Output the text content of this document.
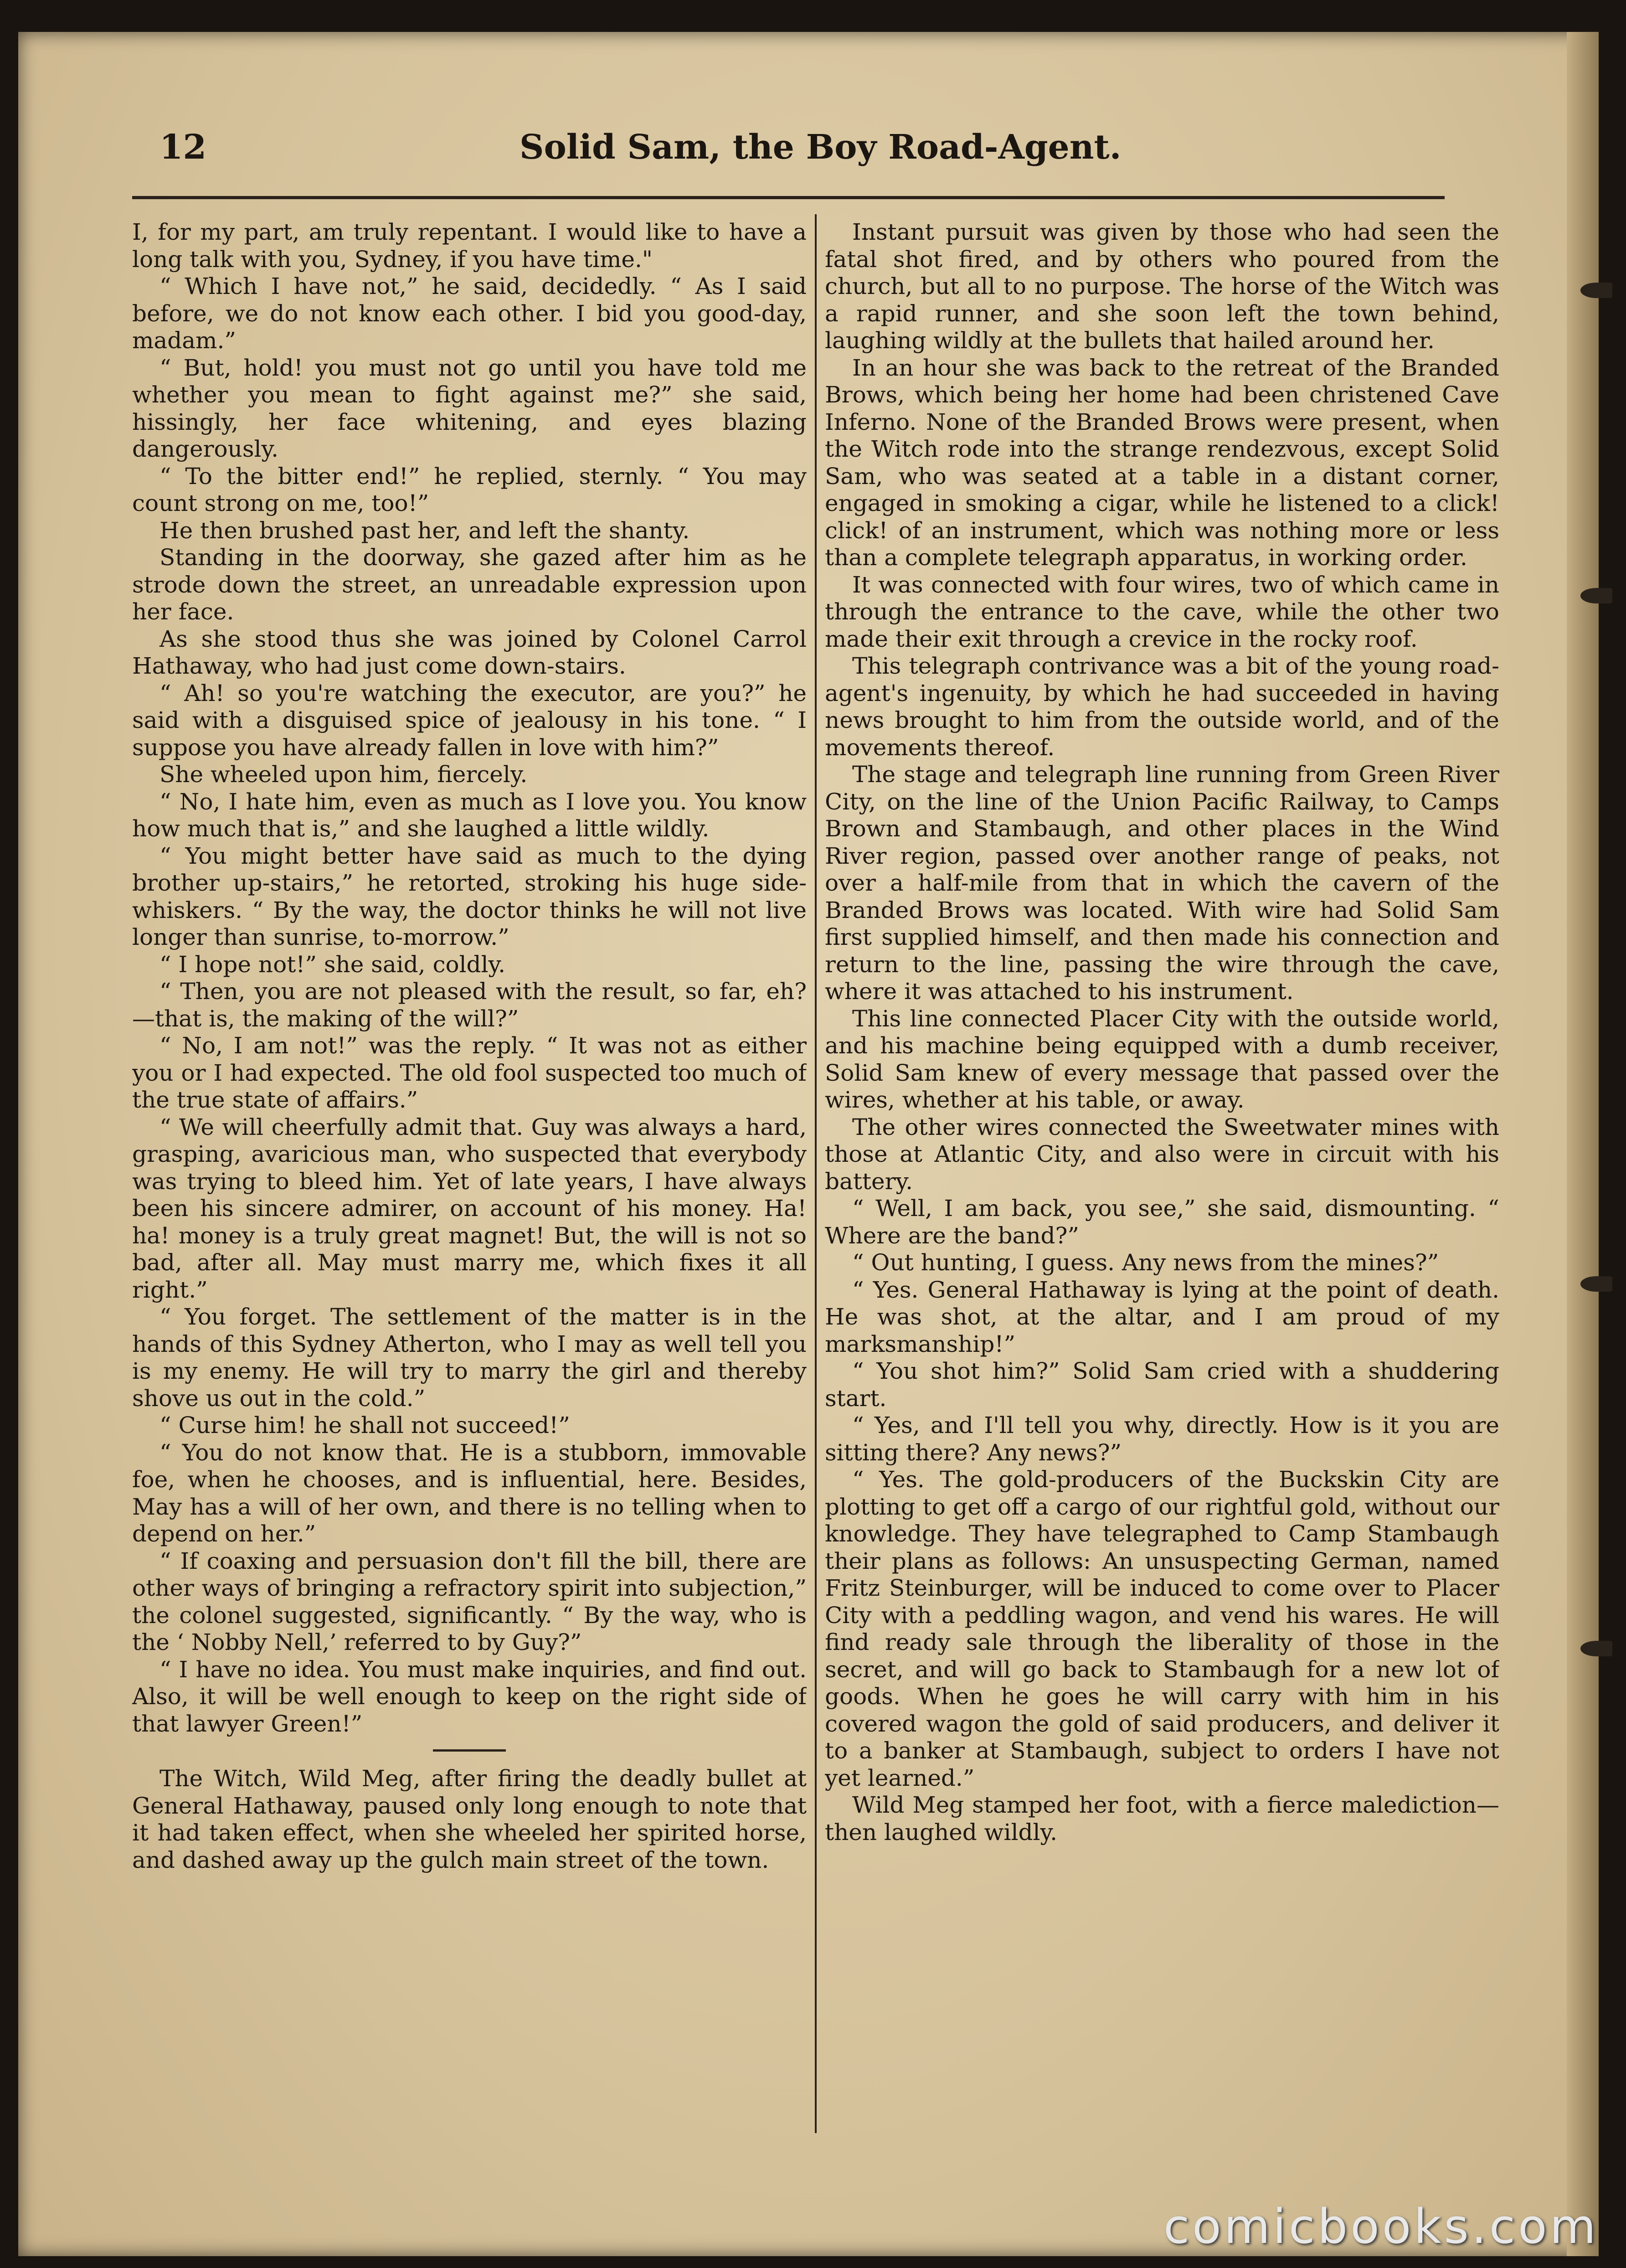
12	Solid Sam, the Boy Road-Agent.

I, for my part, am truly repentant. I would like to have a long talk with you, Sydney, if you have time."

“ Which I have not,” he said, decidedly. “ As I said before, we do not know each other. I bid you good-day, madam.”

“ But, hold! you must not go until you have told me whether you mean to fight against me?” she said, hissingly, her face whitening, and eyes blazing dangerously.

“ To the bitter end!” he replied, sternly. “ You may count strong on me, too!”

He then brushed past her, and left the shanty.

Standing in the doorway, she gazed after him as he strode down the street, an unreadable expression upon her face.

As she stood thus she was joined by Colonel Carrol Hathaway, who had just come down-stairs.

“ Ah! so you're watching the executor, are you?” he said with a disguised spice of jealousy in his tone. “ I suppose you have already fallen in love with him?”

She wheeled upon him, fiercely.

“ No, I hate him, even as much as I love you. You know how much that is,” and she laughed a little wildly.

“ You might better have said as much to the dying brother up-stairs,” he retorted, stroking his huge side-whiskers. “ By the way, the doctor thinks he will not live longer than sunrise, to-morrow.”

“ I hope not!” she said, coldly.

“ Then, you are not pleased with the result, so far, eh?—that is, the making of the will?”

“ No, I am not!” was the reply. “ It was not as either you or I had expected. The old fool suspected too much of the true state of affairs.”

“ We will cheerfully admit that. Guy was always a hard, grasping, avaricious man, who suspected that everybody was trying to bleed him. Yet of late years, I have always been his sincere admirer, on account of his money. Ha! ha! money is a truly great magnet! But, the will is not so bad, after all. May must marry me, which fixes it all right.”

“ You forget. The settlement of the matter is in the hands of this Sydney Atherton, who I may as well tell you is my enemy. He will try to marry the girl and thereby shove us out in the cold.”

“ Curse him! he shall not succeed!”

“ You do not know that. He is a stubborn, immovable foe, when he chooses, and is influential, here. Besides, May has a will of her own, and there is no telling when to depend on her.”

“ If coaxing and persuasion don't fill the bill, there are other ways of bringing a refractory spirit into subjection,” the colonel suggested, significantly. “ By the way, who is the ‘ Nobby Nell,’ referred to by Guy?”

“ I have no idea. You must make inquiries, and find out. Also, it will be well enough to keep on the right side of that lawyer Green!”

The Witch, Wild Meg, after firing the deadly bullet at General Hathaway, paused only long enough to note that it had taken effect, when she wheeled her spirited horse, and dashed away up the gulch main street of the town.

Instant pursuit was given by those who had seen the fatal shot fired, and by others who poured from the church, but all to no purpose. The horse of the Witch was a rapid runner, and she soon left the town behind, laughing wildly at the bullets that hailed around her.

In an hour she was back to the retreat of the Branded Brows, which being her home had been christened Cave Inferno. None of the Branded Brows were present, when the Witch rode into the strange rendezvous, except Solid Sam, who was seated at a table in a distant corner, engaged in smoking a cigar, while he listened to a click! click! of an instrument, which was nothing more or less than a complete telegraph apparatus, in working order.

It was connected with four wires, two of which came in through the entrance to the cave, while the other two made their exit through a crevice in the rocky roof.

This telegraph contrivance was a bit of the young road-agent's ingenuity, by which he had succeeded in having news brought to him from the outside world, and of the movements thereof.

The stage and telegraph line running from Green River City, on the line of the Union Pacific Railway, to Camps Brown and Stambaugh, and other places in the Wind River region, passed over another range of peaks, not over a half-mile from that in which the cavern of the Branded Brows was located. With wire had Solid Sam first supplied himself, and then made his connection and return to the line, passing the wire through the cave, where it was attached to his instrument.

This line connected Placer City with the outside world, and his machine being equipped with a dumb receiver, Solid Sam knew of every message that passed over the wires, whether at his table, or away.

The other wires connected the Sweetwater mines with those at Atlantic City, and also were in circuit with his battery.

“ Well, I am back, you see,” she said, dismounting. “ Where are the band?”

“ Out hunting, I guess. Any news from the mines?”

“ Yes. General Hathaway is lying at the point of death. He was shot, at the altar, and I am proud of my marksmanship!”

“ You shot him?” Solid Sam cried with a shuddering start.

“ Yes, and I'll tell you why, directly. How is it you are sitting there? Any news?”

“ Yes. The gold-producers of the Buckskin City are plotting to get off a cargo of our rightful gold, without our knowledge. They have telegraphed to Camp Stambaugh their plans as follows: An unsuspecting German, named Fritz Steinburger, will be induced to come over to Placer City with a peddling wagon, and vend his wares. He will find ready sale through the liberality of those in the secret, and will go back to Stambaugh for a new lot of goods. When he goes he will carry with him in his covered wagon the gold of said producers, and deliver it to a banker at Stambaugh, subject to orders I have not yet learned.”

Wild Meg stamped her foot, with a fierce malediction—then laughed wildly.

comicbooks.com
